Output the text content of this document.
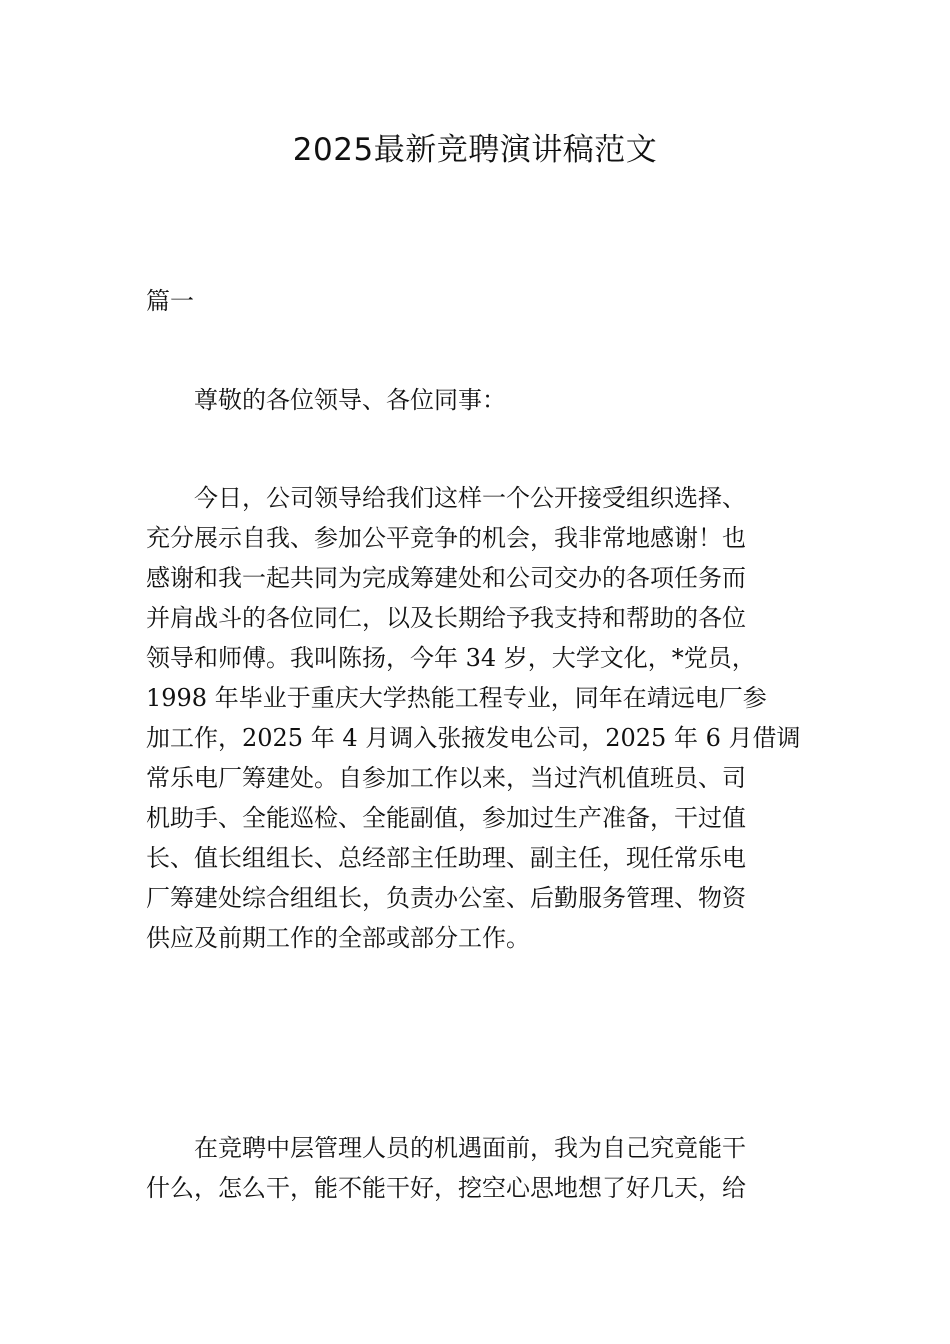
2025最新竞聘演讲稿范文
篇一
尊敬的各位领导、各位同事：
今日，公司领导给我们这样一个公开接受组织选择、
充分展示自我、参加公平竞争的机会，我非常地感谢！也
感谢和我一起共同为完成筹建处和公司交办的各项任务而
并肩战斗的各位同仁，以及长期给予我支持和帮助的各位
领导和师傅。我叫陈扬，今年 34 岁，大学文化，*党员，
1998 年毕业于重庆大学热能工程专业，同年在靖远电厂参
加工作，2025 年 4 月调入张掖发电公司，2025 年 6 月借调
常乐电厂筹建处。自参加工作以来，当过汽机值班员、司
机助手、全能巡检、全能副值，参加过生产准备，干过值
长、值长组组长、总经部主任助理、副主任，现任常乐电
厂筹建处综合组组长，负责办公室、后勤服务管理、物资
供应及前期工作的全部或部分工作。
在竞聘中层管理人员的机遇面前，我为自己究竟能干
什么，怎么干，能不能干好，挖空心思地想了好几天，给
